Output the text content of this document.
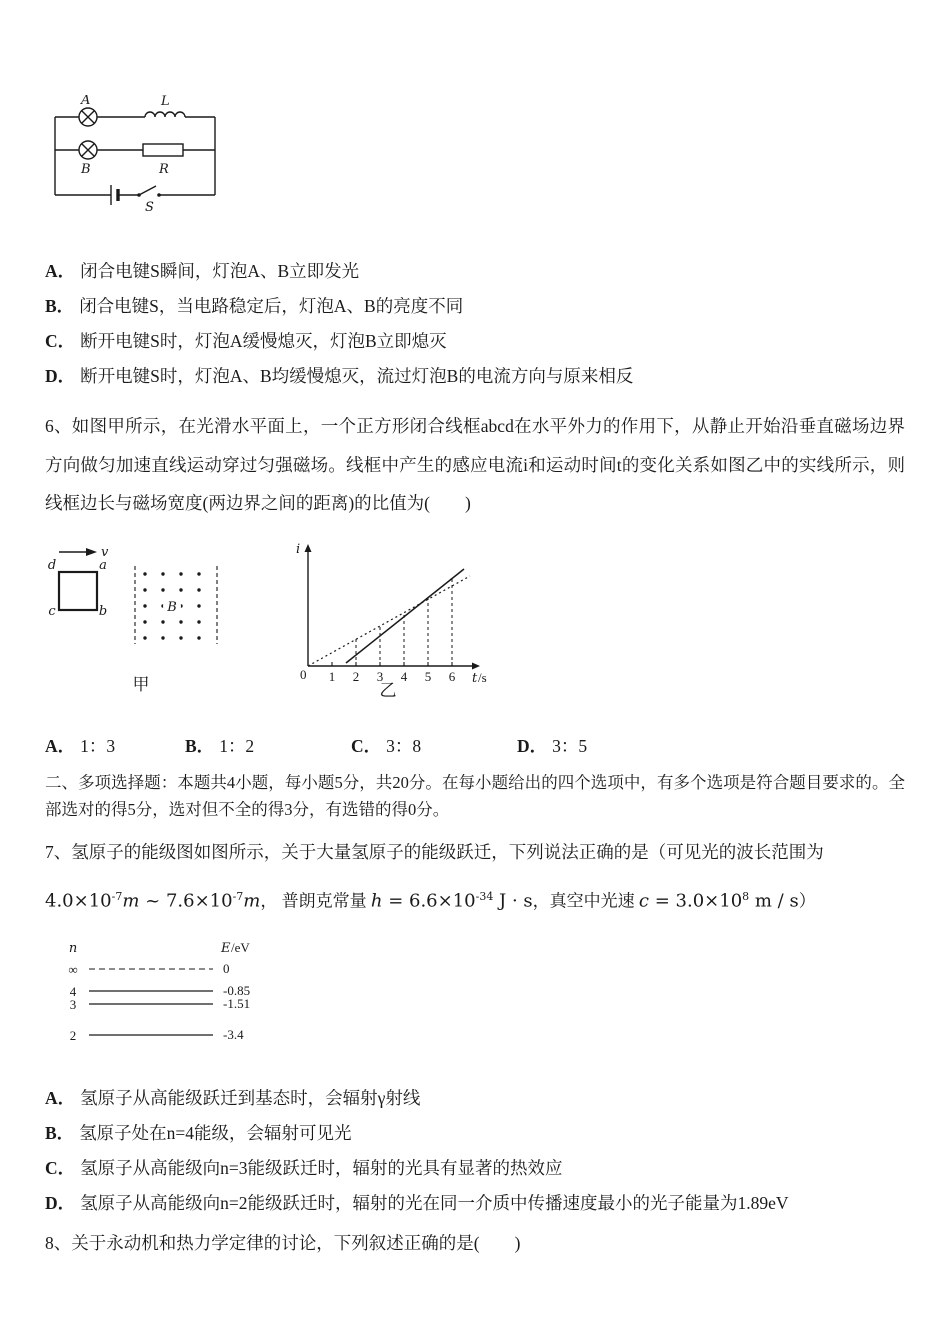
A	L
B	R
S
A． 闭合电键S瞬间，灯泡A、B立即发光
B． 闭合电键S，当电路稳定后，灯泡A、B的亮度不同
C． 断开电键S时，灯泡A缓慢熄灭，灯泡B立即熄灭
D． 断开电键S时，灯泡A、B均缓慢熄灭，流过灯泡B的电流方向与原来相反
6、如图甲所示，在光滑水平面上，一个正方形闭合线框abcd在水平外力的作用下，从静止开始沿垂直磁场边界方向做匀加速直线运动穿过匀强磁场。线框中产生的感应电流i和运动时间t的变化关系如图乙中的实线所示，则线框边长与磁场宽度(两边界之间的距离)的比值为(　　)
v
d	a
c	b	B
甲
i
t /s
0 1 2 3 4 5 6
乙
A． 1：3	B． 1：2	C． 3：8	D． 3：5
二、多项选择题：本题共4小题，每小题5分，共20分。在每小题给出的四个选项中，有多个选项是符合题目要求的。全部选对的得5分，选对但不全的得3分，有选错的得0分。
7、氢原子的能级图如图所示，关于大量氢原子的能级跃迁，下列说法正确的是（可见光的波长范围为
$4.0\times 10^{-7}m$ ~ $7.6\times 10^{-7}m$， 普朗克常量 $h = 6.6\times 10^{-34}$ J · s，真空中光速 $c = 3.0\times 10^8$ m / s）
n	E /eV
∞	0
4	-0.85
3	-1.51
2	-3.4
A． 氢原子从高能级跃迁到基态时，会辐射γ射线
B． 氢原子处在n=4能级，会辐射可见光
C． 氢原子从高能级向n=3能级跃迁时，辐射的光具有显著的热效应
D． 氢原子从高能级向n=2能级跃迁时，辐射的光在同一介质中传播速度最小的光子能量为1.89eV
8、关于永动机和热力学定律的讨论，下列叙述正确的是(　　)
